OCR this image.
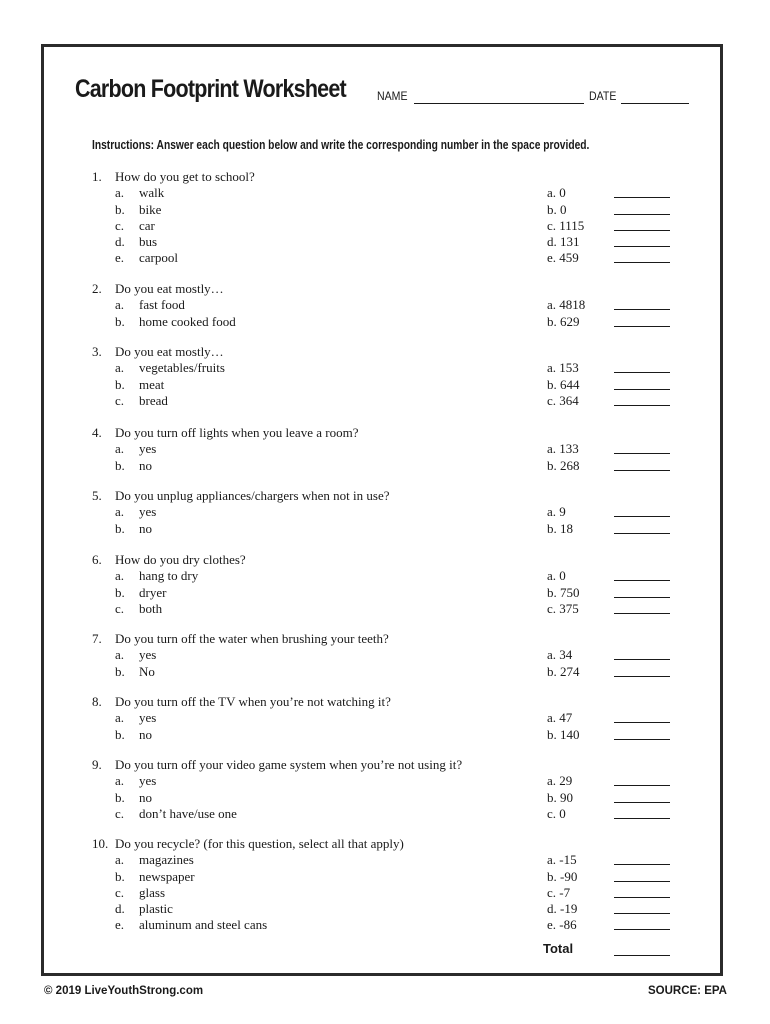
Carbon Footprint Worksheet	NAME	DATE
Instructions: Answer each question below and write the corresponding number in the space provided.
1. How do you get to school?
a. walk	a. 0
b. bike	b. 0
c. car	c. 1115
d. bus	d. 131
e. carpool	e. 459
2. Do you eat mostly…
a. fast food	a. 4818
b. home cooked food	b. 629
3. Do you eat mostly…
a. vegetables/fruits	a. 153
b. meat	b. 644
c. bread	c. 364
4. Do you turn off lights when you leave a room?
a. yes	a. 133
b. no	b. 268
5. Do you unplug appliances/chargers when not in use?
a. yes	a. 9
b. no	b. 18
6. How do you dry clothes?
a. hang to dry	a. 0
b. dryer	b. 750
c. both	c. 375
7. Do you turn off the water when brushing your teeth?
a. yes	a. 34
b. No	b. 274
8. Do you turn off the TV when you’re not watching it?
a. yes	a. 47
b. no	b. 140
9. Do you turn off your video game system when you’re not using it?
a. yes	a. 29
b. no	b. 90
c. don’t have/use one	c. 0
10. Do you recycle? (for this question, select all that apply)
a. magazines	a. -15
b. newspaper	b. -90
c. glass	c. -7
d. plastic	d. -19
e. aluminum and steel cans	e. -86
Total
© 2019 LiveYouthStrong.com	SOURCE: EPA
